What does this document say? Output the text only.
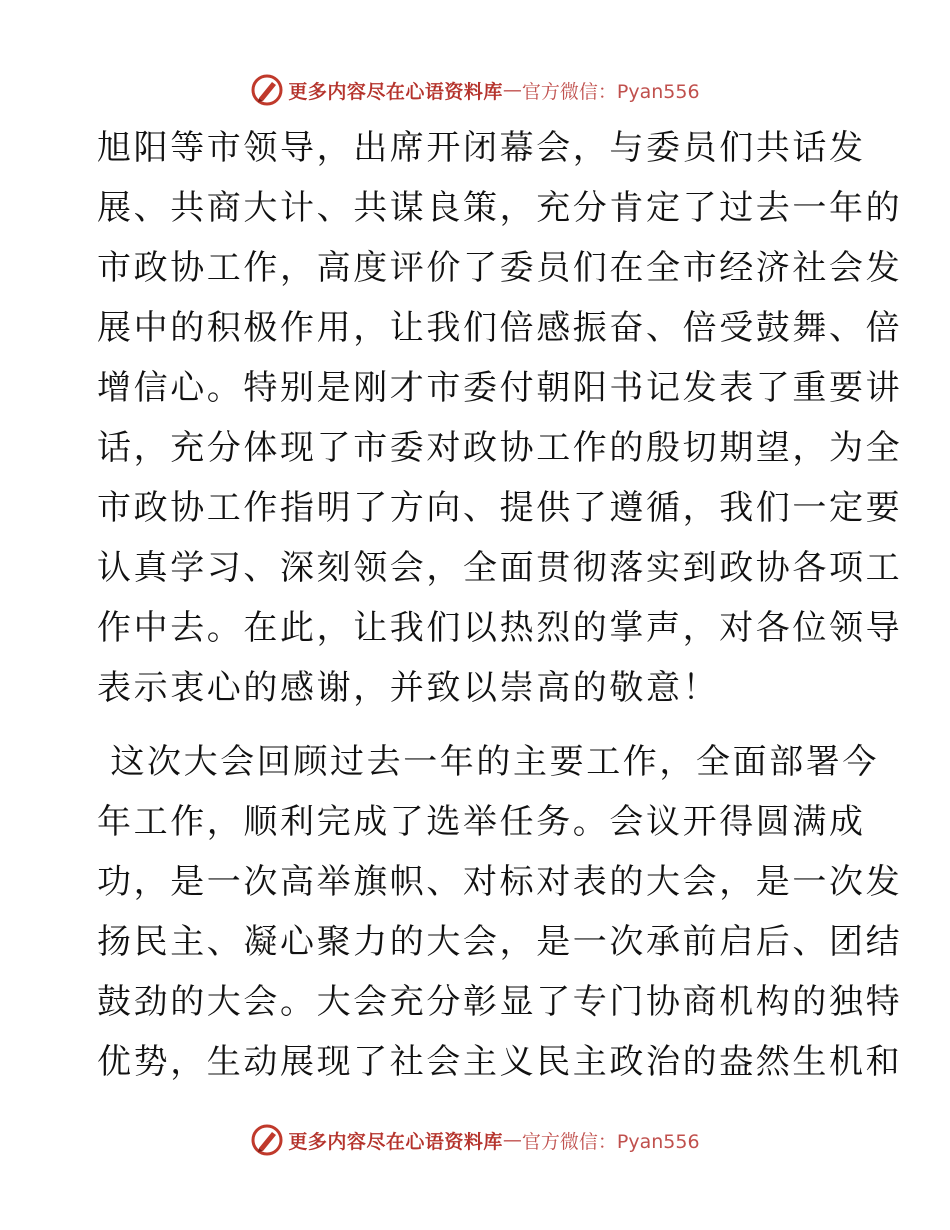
更多内容尽在心语资料库 — 官方微信：Pyan556
旭阳等市领导，出席开闭幕会，与委员们共话发
展、共商大计、共谋良策，充分肯定了过去一年的
市政协工作，高度评价了委员们在全市经济社会发
展中的积极作用，让我们倍感振奋、倍受鼓舞、倍
增信心。特别是刚才市委付朝阳书记发表了重要讲
话，充分体现了市委对政协工作的殷切期望，为全
市政协工作指明了方向、提供了遵循，我们一定要
认真学习、深刻领会，全面贯彻落实到政协各项工
作中去。在此，让我们以热烈的掌声，对各位领导
表示衷心的感谢，并致以崇高的敬意！
这次大会回顾过去一年的主要工作，全面部署今
年工作，顺利完成了选举任务。会议开得圆满成
功，是一次高举旗帜、对标对表的大会，是一次发
扬民主、凝心聚力的大会，是一次承前启后、团结
鼓劲的大会。大会充分彰显了专门协商机构的独特
优势，生动展现了社会主义民主政治的盎然生机和
更多内容尽在心语资料库 — 官方微信：Pyan556
